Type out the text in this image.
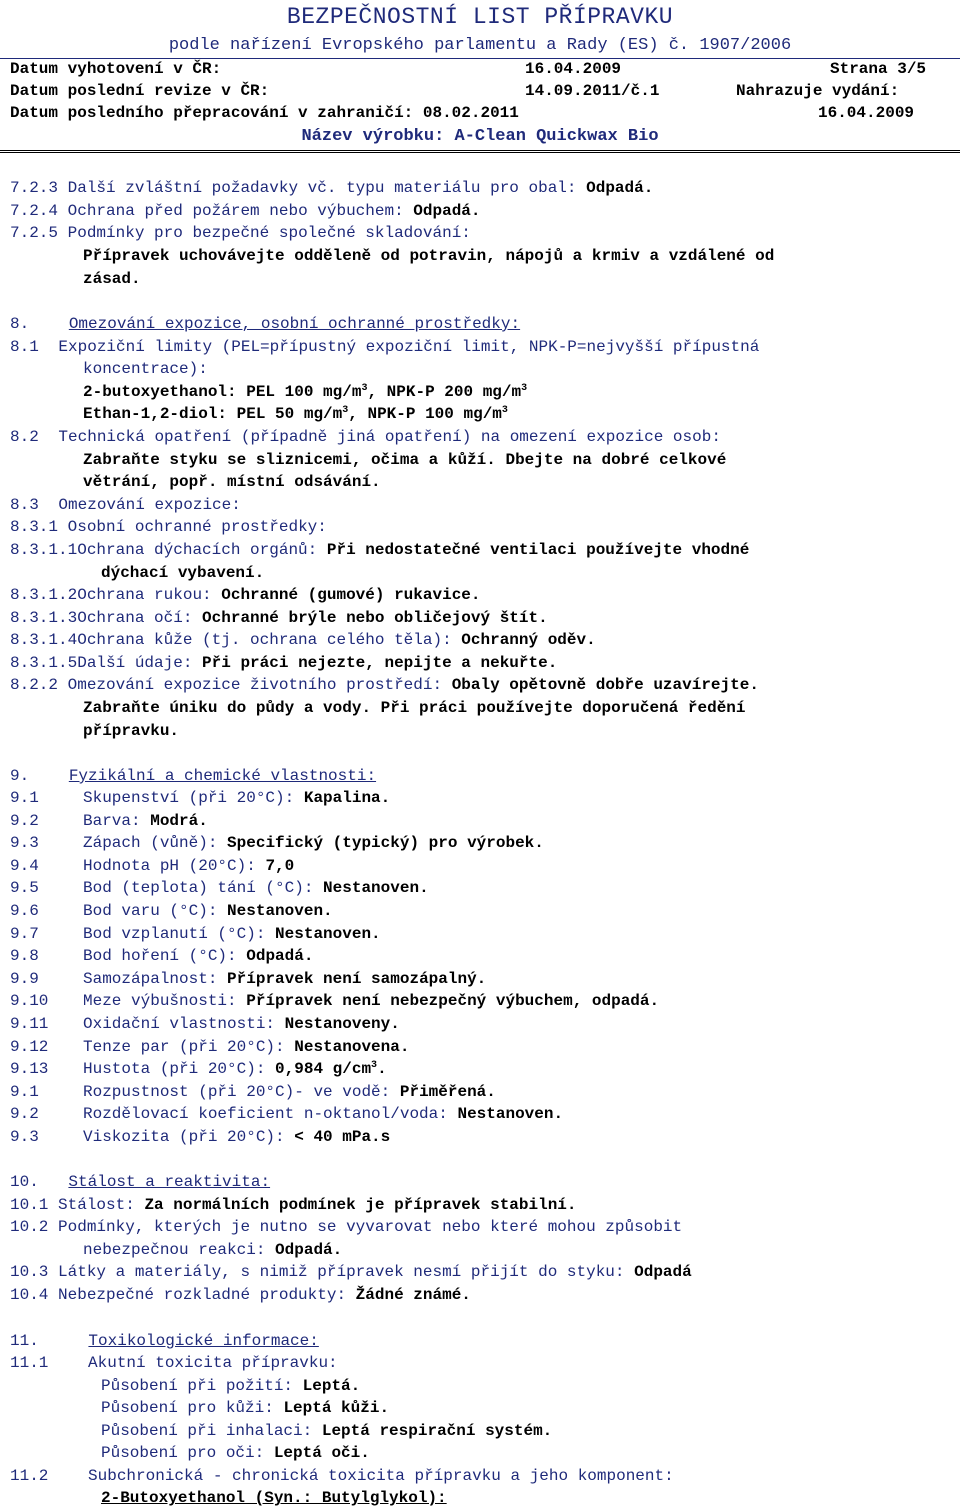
BEZPEČNOSTNÍ LIST PŘÍPRAVKU
podle nařízení Evropského parlamentu a Rady (ES) č. 1907/2006
Datum vyhotovení v ČR:	16.04.2009	Strana 3/5
Datum poslední revize v ČR:	14.09.2011/č.1	Nahrazuje vydání:
Datum posledního přepracování v zahraničí: 08.02.2011	16.04.2009
Název výrobku: A-Clean Quickwax Bio
7.2.3 Další zvláštní požadavky vč. typu materiálu pro obal: Odpadá.
7.2.4 Ochrana před požárem nebo výbuchem: Odpadá.
7.2.5 Podmínky pro bezpečné společné skladování:
Přípravek uchovávejte odděleně od potravin, nápojů a krmiv a vzdálené od
zásad.
8. Omezování expozice, osobní ochranné prostředky:
8.1 Expoziční limity (PEL=přípustný expoziční limit, NPK-P=nejvyšší přípustná
koncentrace):
2-butoxyethanol: PEL 100 $mg/m^3$, NPK-P 200 $mg/m^3$
Ethan-1,2-diol: PEL 50 $mg/m^3$, NPK-P 100 $mg/m^3$
8.2 Technická opatření (případně jiná opatření) na omezení expozice osob:
Zabraňte styku se sliznicemi, očima a kůží. Dbejte na dobré celkové
větrání, popř. místní odsávání.
8.3 Omezování expozice:
8.3.1 Osobní ochranné prostředky:
8.3.1.1Ochrana dýchacích orgánů: Při nedostatečné ventilaci používejte vhodné
dýchací vybavení.
8.3.1.2Ochrana rukou: Ochranné (gumové) rukavice.
8.3.1.3Ochrana očí: Ochranné brýle nebo obličejový štít.
8.3.1.4Ochrana kůže (tj. ochrana celého těla): Ochranný oděv.
8.3.1.5Další údaje: Při práci nejezte, nepijte a nekuřte.
8.2.2 Omezování expozice životního prostředí: Obaly opětovně dobře uzavírejte.
Zabraňte úniku do půdy a vody. Při práci používejte doporučená ředění
přípravku.
9. Fyzikální a chemické vlastnosti:
9.1	Skupenství (při 20°C): Kapalina.
9.2	Barva: Modrá.
9.3	Zápach (vůně): Specifický (typický) pro výrobek.
9.4	Hodnota pH (20°C): 7,0
9.5	Bod (teplota) tání (°C): Nestanoven.
9.6	Bod varu (°C): Nestanoven.
9.7	Bod vzplanutí (°C): Nestanoven.
9.8	Bod hoření (°C): Odpadá.
9.9	Samozápalnost: Přípravek není samozápalný.
9.10 Meze výbušnosti: Přípravek není nebezpečný výbuchem, odpadá.
9.11 Oxidační vlastnosti: Nestanoveny.
9.12 Tenze par (při 20°C): Nestanovena.
9.13 Hustota (při 20°C): 0,984 $g/cm^3$.
9.1	Rozpustnost (při 20°C)- ve vodě: Přiměřená.
9.2	Rozdělovací koeficient n-oktanol/voda: Nestanoven.
9.3	Viskozita (při 20°C): < 40 mPa.s
10. Stálost a reaktivita:
10.1 Stálost: Za normálních podmínek je přípravek stabilní.
10.2 Podmínky, kterých je nutno se vyvarovat nebo které mohou způsobit
nebezpečnou reakci: Odpadá.
10.3 Látky a materiály, s nimiž přípravek nesmí přijít do styku: Odpadá
10.4 Nebezpečné rozkladné produkty: Žádné známé.
11.	Toxikologické informace:
11.1 Akutní toxicita přípravku:
Působení při požití: Leptá.
Působení pro kůži: Leptá kůži.
Působení při inhalaci: Leptá respirační systém.
Působení pro oči: Leptá oči.
11.2 Subchronická - chronická toxicita přípravku a jeho komponent:
2-Butoxyethanol (Syn.: Butylglykol):
